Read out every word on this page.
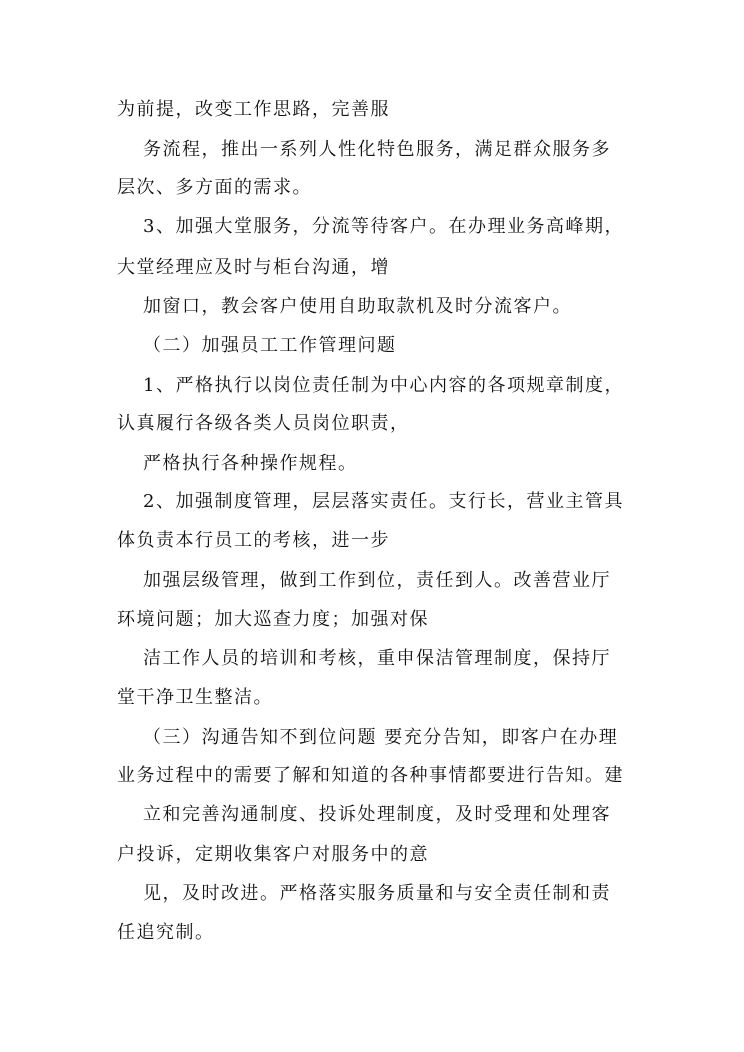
为前提，改变工作思路，完善服
务流程，推出一系列人性化特色服务，满足群众服务多
层次、多方面的需求。
3、加强大堂服务，分流等待客户。在办理业务高峰期，
大堂经理应及时与柜台沟通，增
加窗口，教会客户使用自助取款机及时分流客户。
（二）加强员工工作管理问题
1、严格执行以岗位责任制为中心内容的各项规章制度，
认真履行各级各类人员岗位职责，
严格执行各种操作规程。
2、加强制度管理，层层落实责任。支行长，营业主管具
体负责本行员工的考核，进一步
加强层级管理，做到工作到位，责任到人。改善营业厅
环境问题；加大巡查力度；加强对保
洁工作人员的培训和考核，重申保洁管理制度，保持厅
堂干净卫生整洁。
（三）沟通告知不到位问题 要充分告知，即客户在办理
业务过程中的需要了解和知道的各种事情都要进行告知。建
立和完善沟通制度、投诉处理制度，及时受理和处理客
户投诉，定期收集客户对服务中的意
见，及时改进。严格落实服务质量和与安全责任制和责
任追究制。
